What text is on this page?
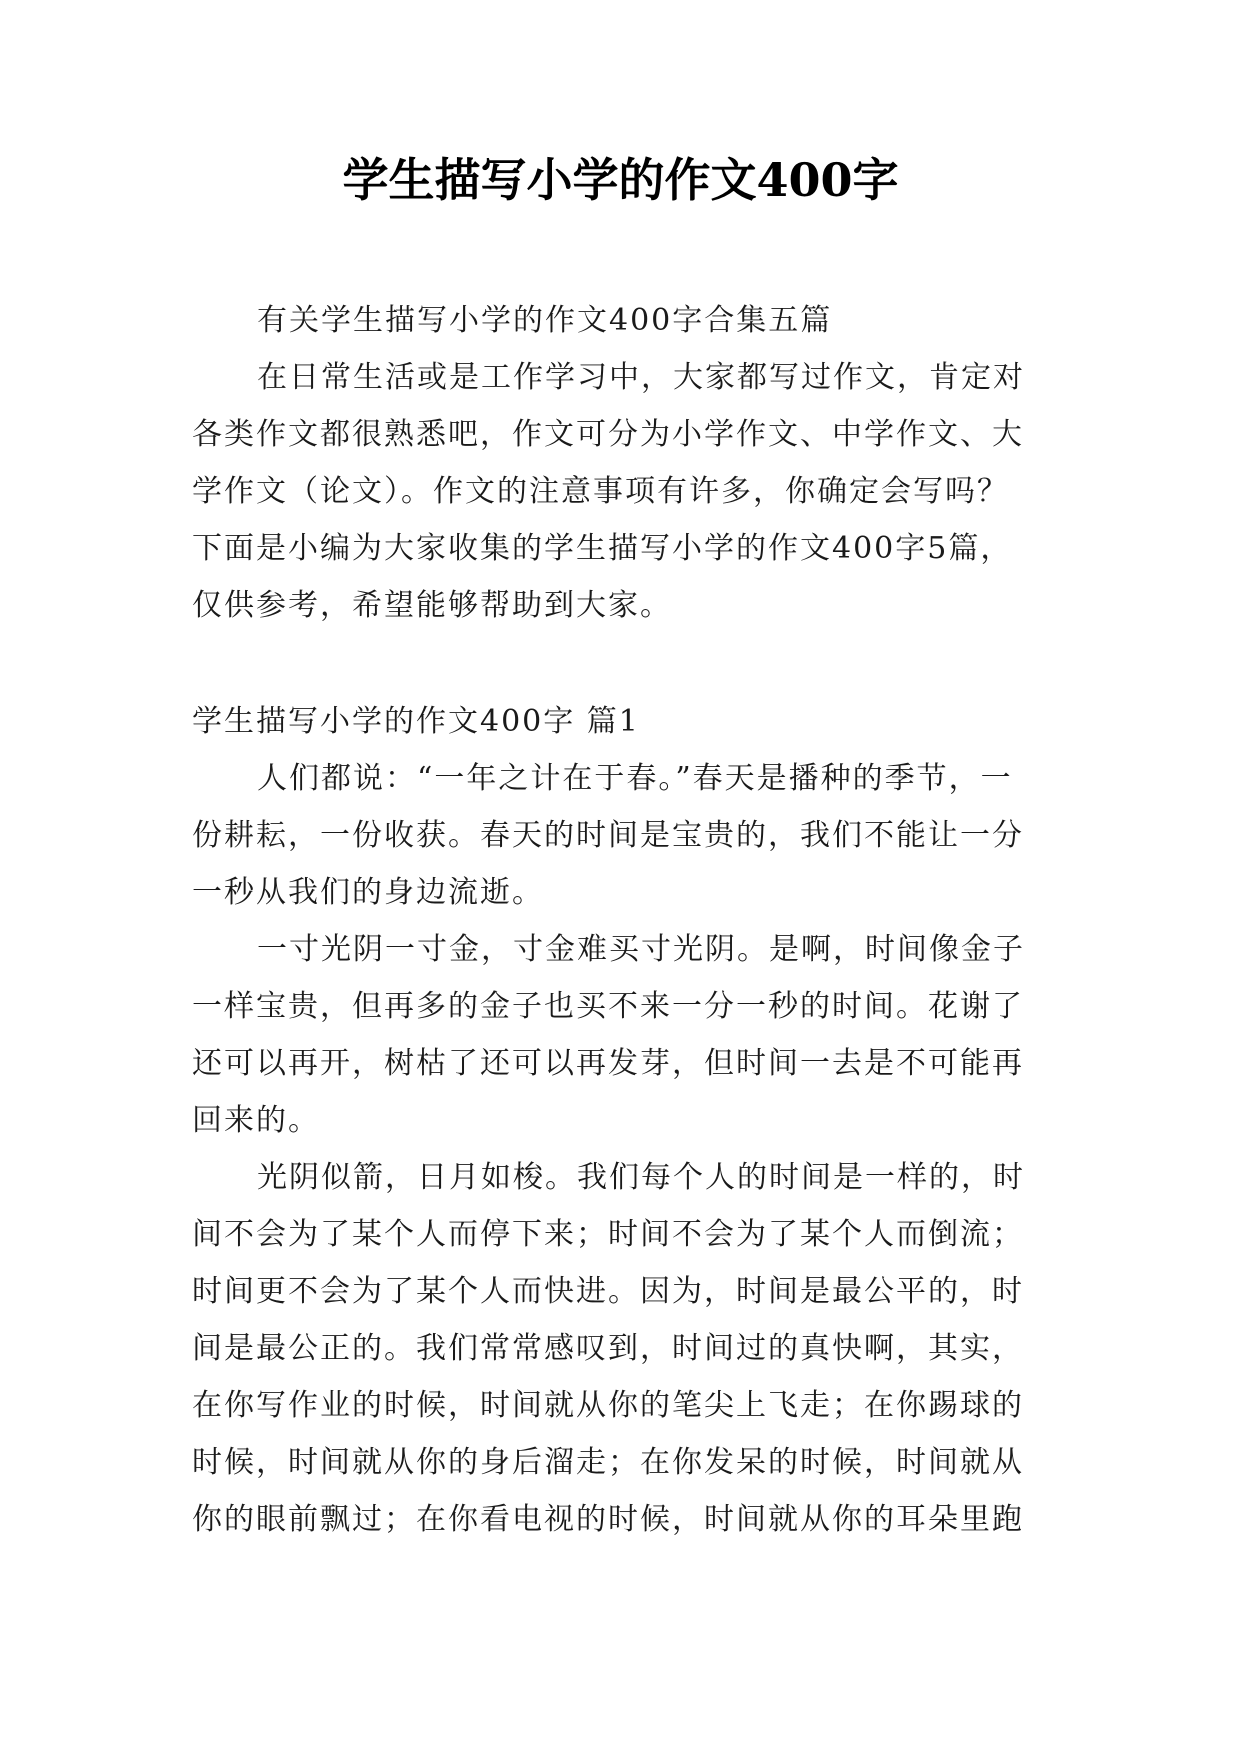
学生描写小学的作文400字
有关学生描写小学的作文400字合集五篇
在日常生活或是工作学习中，大家都写过作文，肯定对
各类作文都很熟悉吧，作文可分为小学作文、中学作文、大
学作文（论文）。作文的注意事项有许多，你确定会写吗？
下面是小编为大家收集的学生描写小学的作文400字5篇，
仅供参考，希望能够帮助到大家。
学生描写小学的作文400字 篇1
人们都说：“一年之计在于春。”春天是播种的季节，一
份耕耘，一份收获。春天的时间是宝贵的，我们不能让一分
一秒从我们的身边流逝。
一寸光阴一寸金，寸金难买寸光阴。是啊，时间像金子
一样宝贵，但再多的金子也买不来一分一秒的时间。花谢了
还可以再开，树枯了还可以再发芽，但时间一去是不可能再
回来的。
光阴似箭，日月如梭。我们每个人的时间是一样的，时
间不会为了某个人而停下来；时间不会为了某个人而倒流；
时间更不会为了某个人而快进。因为，时间是最公平的，时
间是最公正的。我们常常感叹到，时间过的真快啊，其实，
在你写作业的时候，时间就从你的笔尖上飞走；在你踢球的
时候，时间就从你的身后溜走；在你发呆的时候，时间就从
你的眼前飘过；在你看电视的时候，时间就从你的耳朵里跑
